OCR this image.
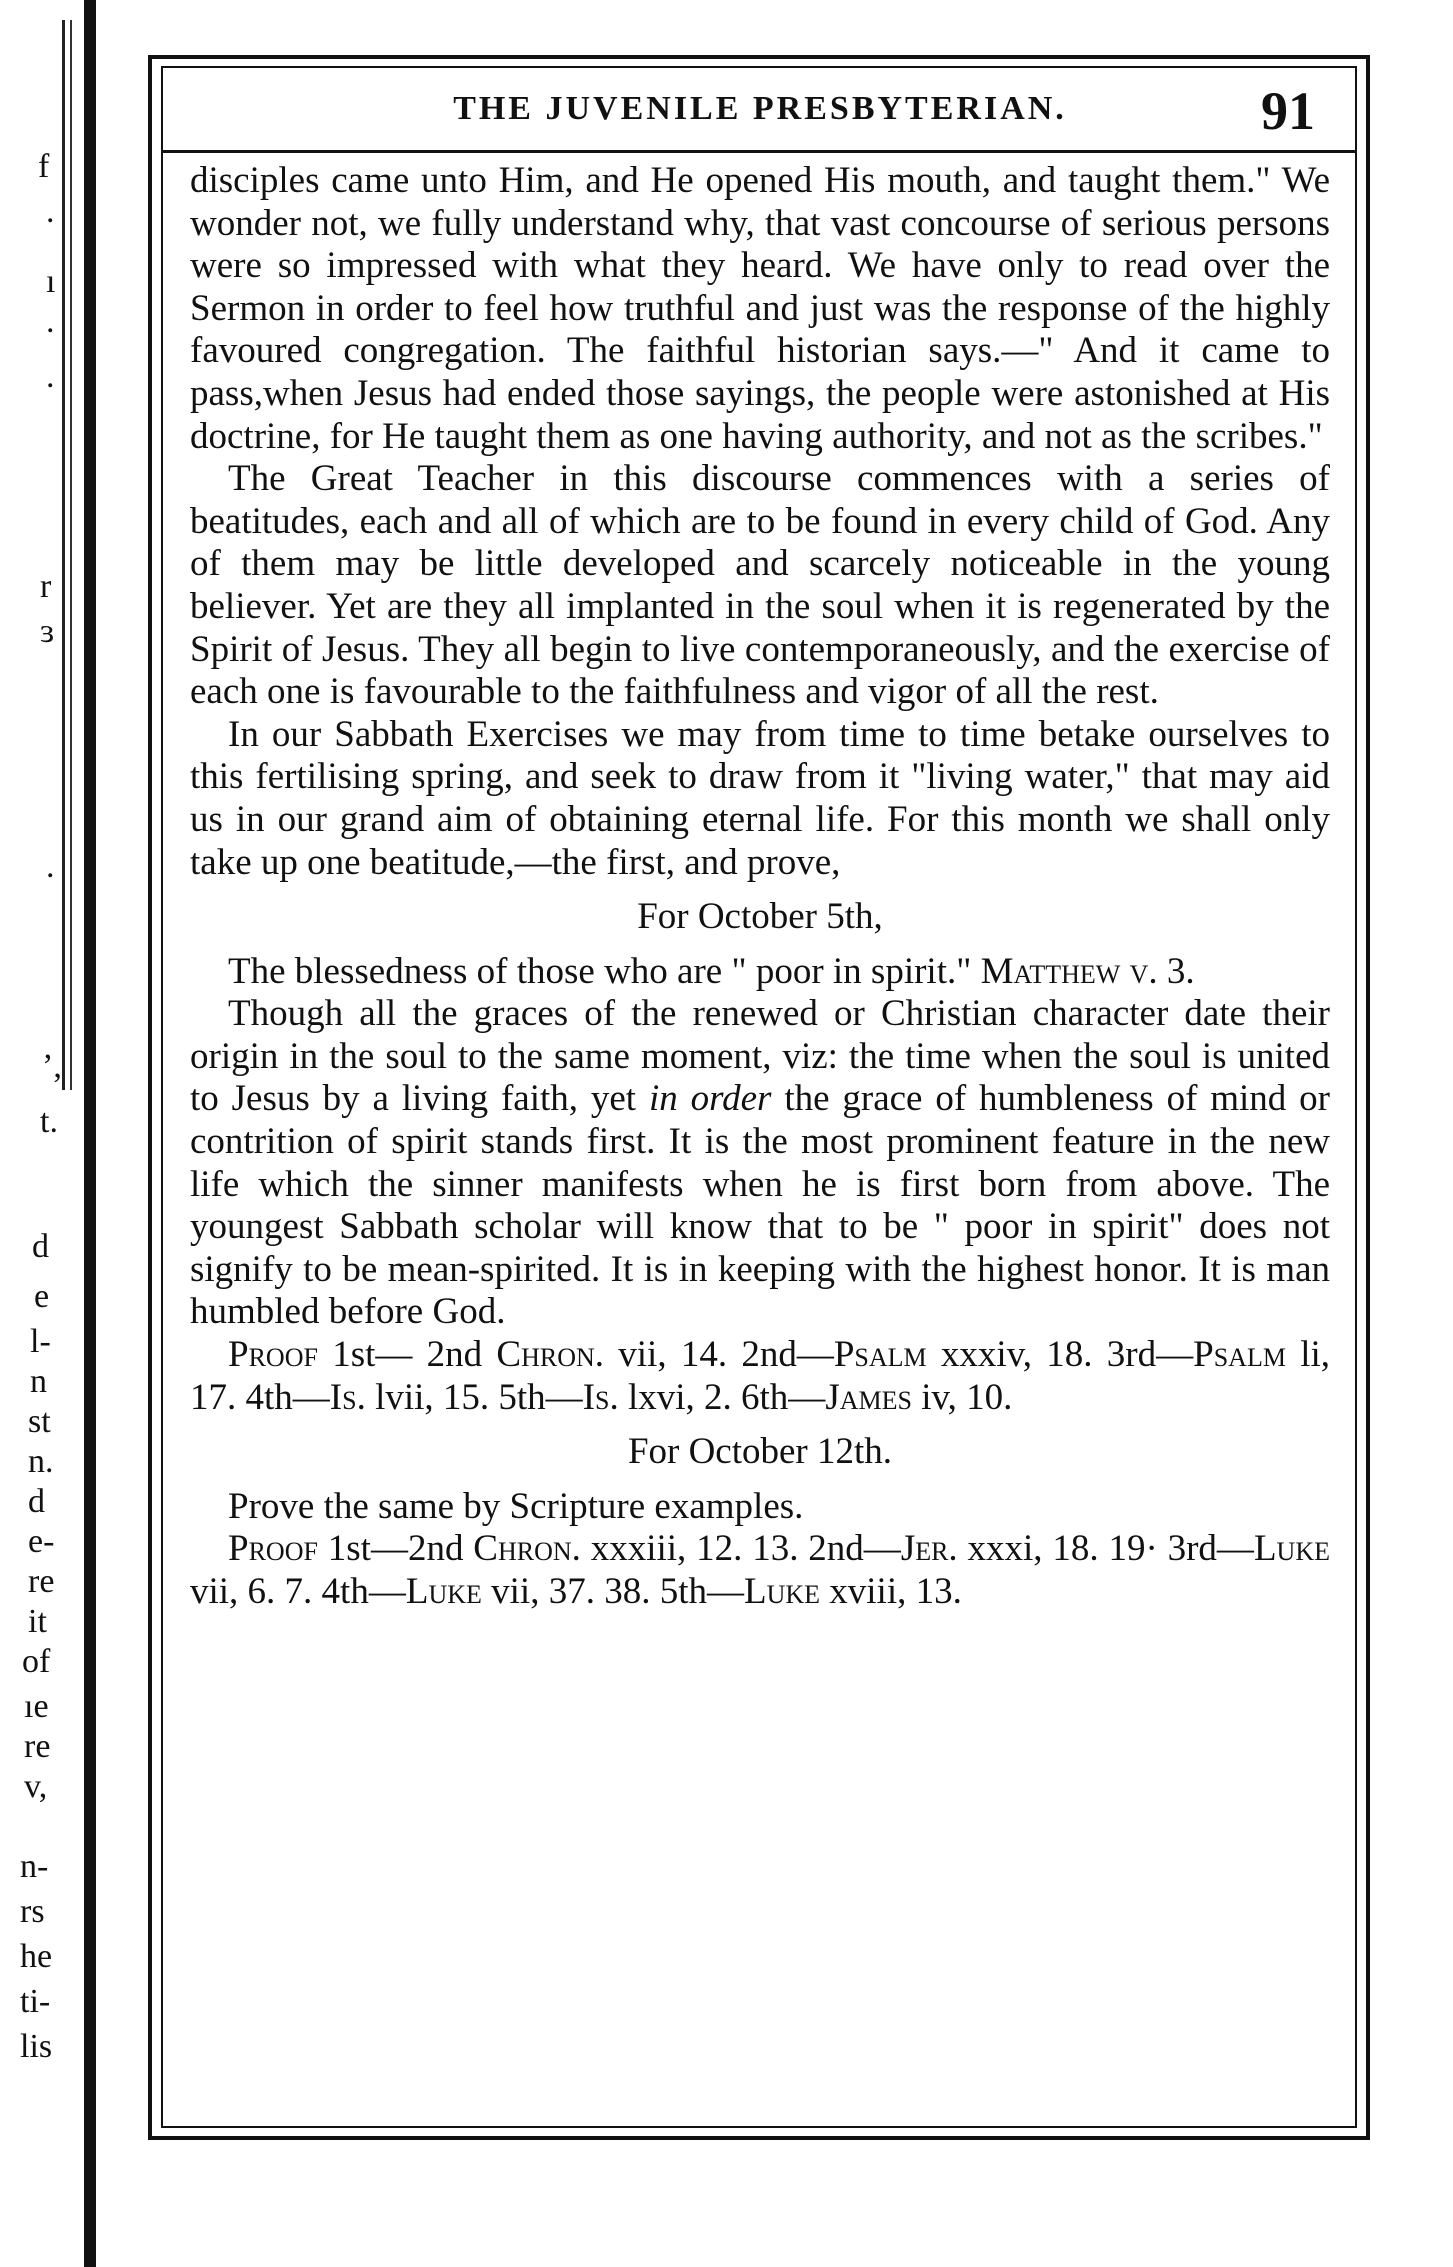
f
.
ı
.
.
r
ɜ
.
ʼ,
t.
d
e
l-
n
st
n.
d
e-
re
it
of
ıe
re
v,
n-
rs
he
ti-
lis
THE JUVENILE PRESBYTERIAN.	91

disciples came unto Him, and He opened His mouth, and taught them." We wonder not, we fully understand why, that vast concourse of serious persons were so impressed with what they heard. We have only to read over the Sermon in order to feel how truthful and just was the response of the highly favoured congregation. The faithful historian says.—" And it came to pass,when Jesus had ended those sayings, the people were astonished at His doctrine, for He taught them as one having authority, and not as the scribes."

The Great Teacher in this discourse commences with a series of beatitudes, each and all of which are to be found in every child of God. Any of them may be little developed and scarcely noticeable in the young believer. Yet are they all implanted in the soul when it is regenerated by the Spirit of Jesus. They all begin to live contemporaneously, and the exercise of each one is favourable to the faithfulness and vigor of all the rest.

In our Sabbath Exercises we may from time to time betake ourselves to this fertilising spring, and seek to draw from it "living water," that may aid us in our grand aim of obtaining eternal life. For this month we shall only take up one beatitude,—the first, and prove,

For October 5th,

The blessedness of those who are " poor in spirit." Matthew v. 3.

Though all the graces of the renewed or Christian character date their origin in the soul to the same moment, viz: the time when the soul is united to Jesus by a living faith, yet in order the grace of humbleness of mind or contrition of spirit stands first. It is the most prominent feature in the new life which the sinner manifests when he is first born from above. The youngest Sabbath scholar will know that to be " poor in spirit" does not signify to be mean-spirited. It is in keeping with the highest honor. It is man humbled before God.

Proof 1st— 2nd Chron. vii, 14. 2nd—Psalm xxxiv, 18. 3rd—Psalm li, 17. 4th—Is. lvii, 15. 5th—Is. lxvi, 2. 6th—James iv, 10.

For October 12th.

Prove the same by Scripture examples.

Proof 1st—2nd Chron. xxxiii, 12. 13. 2nd—Jer. xxxi, 18. 19· 3rd—Luke vii, 6. 7. 4th—Luke vii, 37. 38. 5th—Luke xviii, 13.
